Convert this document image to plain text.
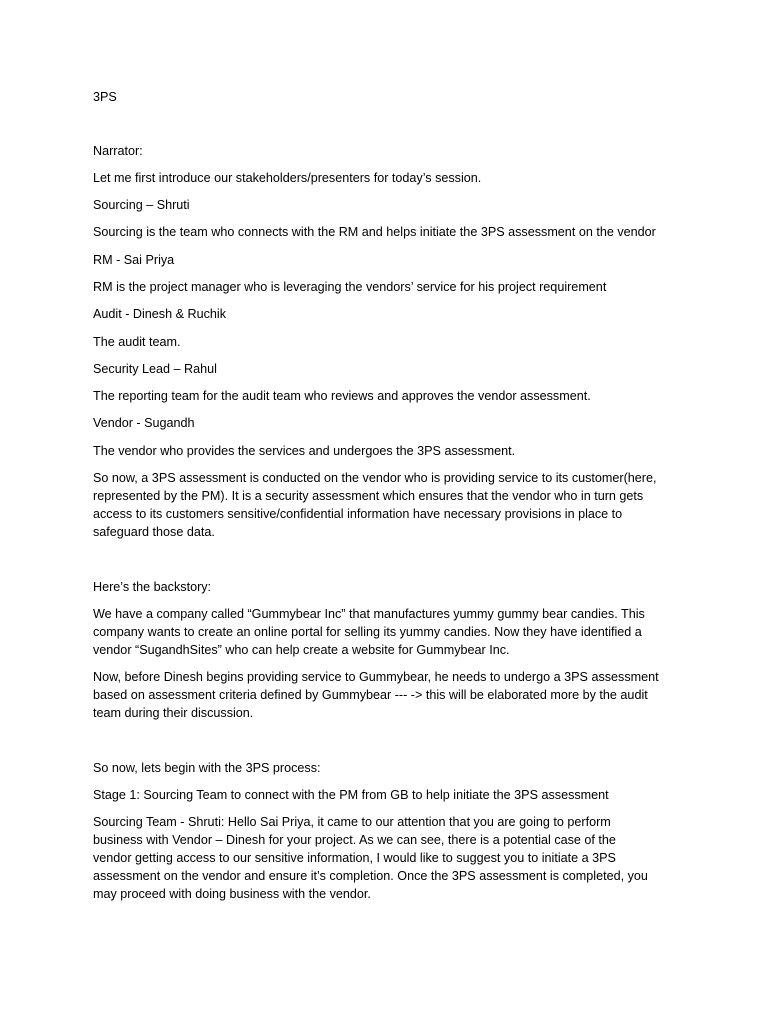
3PS

Narrator:

Let me first introduce our stakeholders/presenters for today’s session.

Sourcing – Shruti

Sourcing is the team who connects with the RM and helps initiate the 3PS assessment on the vendor

RM - Sai Priya

RM is the project manager who is leveraging the vendors’ service for his project requirement

Audit - Dinesh & Ruchik

The audit team.

Security Lead – Rahul

The reporting team for the audit team who reviews and approves the vendor assessment.

Vendor - Sugandh

The vendor who provides the services and undergoes the 3PS assessment.

So now, a 3PS assessment is conducted on the vendor who is providing service to its customer(here,

represented by the PM). It is a security assessment which ensures that the vendor who in turn gets

access to its customers sensitive/confidential information have necessary provisions in place to

safeguard those data.

Here’s the backstory:

We have a company called “Gummybear Inc” that manufactures yummy gummy bear candies. This

company wants to create an online portal for selling its yummy candies. Now they have identified a

vendor “SugandhSites” who can help create a website for Gummybear Inc.

Now, before Dinesh begins providing service to Gummybear, he needs to undergo a 3PS assessment

based on assessment criteria defined by Gummybear --- -> this will be elaborated more by the audit

team during their discussion.

So now, lets begin with the 3PS process:

Stage 1: Sourcing Team to connect with the PM from GB to help initiate the 3PS assessment

Sourcing Team - Shruti: Hello Sai Priya, it came to our attention that you are going to perform

business with Vendor – Dinesh for your project. As we can see, there is a potential case of the

vendor getting access to our sensitive information, I would like to suggest you to initiate a 3PS

assessment on the vendor and ensure it’s completion. Once the 3PS assessment is completed, you

may proceed with doing business with the vendor.
